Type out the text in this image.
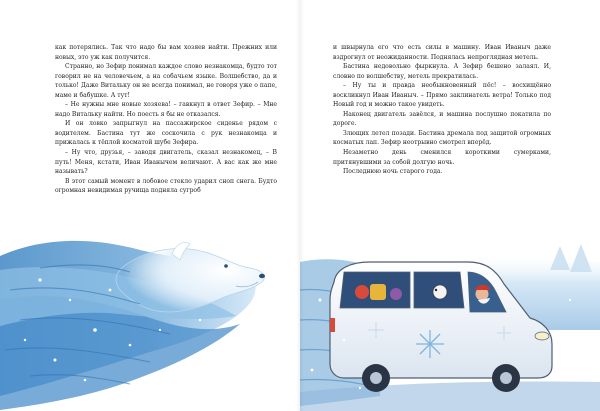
как потерялись. Так что надо бы вам хозяев найти. Прежних или новых, это уж как получится.

Странно, но Зефир понимал каждое слово незнакомца, будто тот говорил не на человечьем, а на собачьем языке. Волшебство, да и только! Даже Витальку он не всегда понимал, не говоря уже о папе, маме и бабушке. А тут!

– Не нужны мне новые хозяева! – гавкнул в ответ Зефир. – Мне надо Витальку найти. Но поесть я бы не отказался.

И он ловко запрыгнул на пассажирское сиденье рядом с водителем. Бастина тут же соскочила с рук незнакомца и прижалась к тёплой косматой шубе Зефира.

– Ну что, друзья, – заводя двигатель, сказал незнакомец, – В путь! Меня, кстати, Иван Иванычем величают. А вас как же мне называть?

В этот самый момент в лобовое стекло ударил сноп снега. Будто огромная невидимая ручища подняла сугроб

и швырнула его что есть силы в машину. Иван Иваныч даже вздрогнул от неожиданности. Поднялась непроглядная метель.

Бастина недовольно фыркнула. А Зефир бешено залаял. И, словно по волшебству, метель прекратилась.

– Ну ты и правда необыкновенный пёс! – восхищённо воскликнул Иван Иваныч. – Прямо заклинатель ветра! Только под Новый год и можно такое увидеть.

Наконец двигатель завёлся, и машина послушно покатила по дороге.

Злющих летел позади. Бастина дремала под защитой огромных косматых лап. Зефир неотрывно смотрел вперёд.

Незаметно день сменился короткими сумерками, притянувшими за собой долгую ночь.

Последнюю ночь старого года.
